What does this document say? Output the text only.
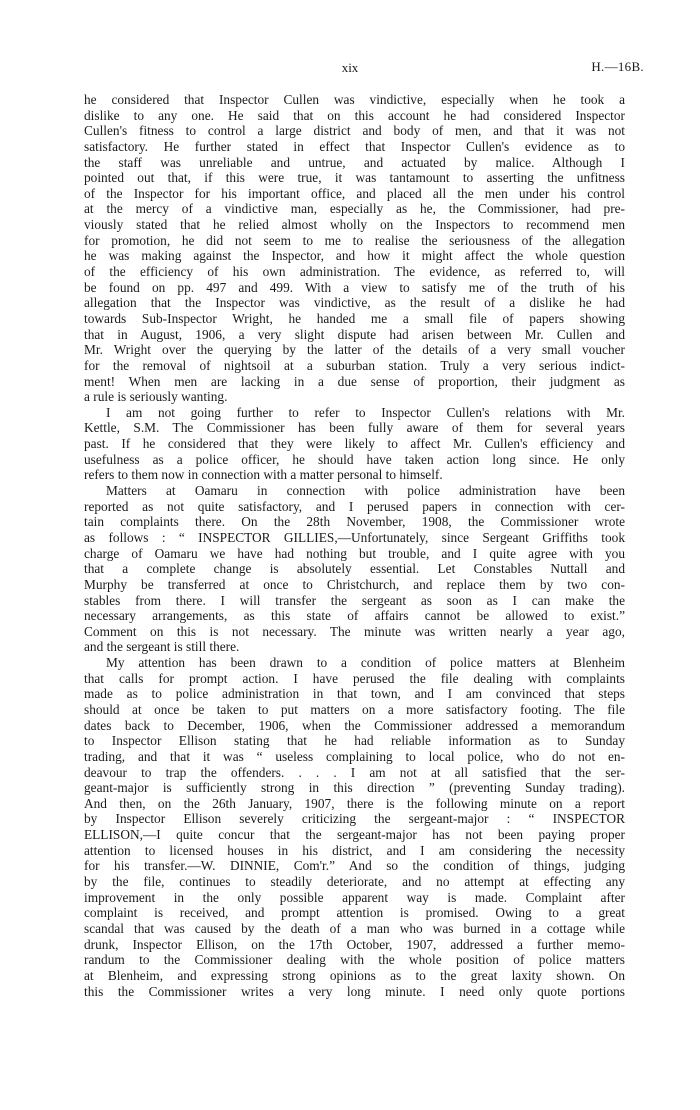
xix	H.—16B.
he considered that Inspector Cullen was vindictive, especially when he took a
dislike to any one. He said that on this account he had considered Inspector
Cullen's fitness to control a large district and body of men, and that it was not
satisfactory. He further stated in effect that Inspector Cullen's evidence as to
the staff was unreliable and untrue, and actuated by malice. Although I
pointed out that, if this were true, it was tantamount to asserting the unfitness
of the Inspector for his important office, and placed all the men under his control
at the mercy of a vindictive man, especially as he, the Commissioner, had pre-
viously stated that he relied almost wholly on the Inspectors to recommend men
for promotion, he did not seem to me to realise the seriousness of the allegation
he was making against the Inspector, and how it might affect the whole question
of the efficiency of his own administration. The evidence, as referred to, will
be found on pp. 497 and 499. With a view to satisfy me of the truth of his
allegation that the Inspector was vindictive, as the result of a dislike he had
towards Sub-Inspector Wright, he handed me a small file of papers showing
that in August, 1906, a very slight dispute had arisen between Mr. Cullen and
Mr. Wright over the querying by the latter of the details of a very small voucher
for the removal of nightsoil at a suburban station. Truly a very serious indict-
ment! When men are lacking in a due sense of proportion, their judgment as
a rule is seriously wanting.
I am not going further to refer to Inspector Cullen's relations with Mr.
Kettle, S.M. The Commissioner has been fully aware of them for several years
past. If he considered that they were likely to affect Mr. Cullen's efficiency and
usefulness as a police officer, he should have taken action long since. He only
refers to them now in connection with a matter personal to himself.
Matters at Oamaru in connection with police administration have been
reported as not quite satisfactory, and I perused papers in connection with cer-
tain complaints there. On the 28th November, 1908, the Commissioner wrote
as follows : “ INSPECTOR GILLIES,—Unfortunately, since Sergeant Griffiths took
charge of Oamaru we have had nothing but trouble, and I quite agree with you
that a complete change is absolutely essential. Let Constables Nuttall and
Murphy be transferred at once to Christchurch, and replace them by two con-
stables from there. I will transfer the sergeant as soon as I can make the
necessary arrangements, as this state of affairs cannot be allowed to exist.”
Comment on this is not necessary. The minute was written nearly a year ago,
and the sergeant is still there.
My attention has been drawn to a condition of police matters at Blenheim
that calls for prompt action. I have perused the file dealing with complaints
made as to police administration in that town, and I am convinced that steps
should at once be taken to put matters on a more satisfactory footing. The file
dates back to December, 1906, when the Commissioner addressed a memorandum
to Inspector Ellison stating that he had reliable information as to Sunday
trading, and that it was “ useless complaining to local police, who do not en-
deavour to trap the offenders. . . . I am not at all satisfied that the ser-
geant-major is sufficiently strong in this direction ” (preventing Sunday trading).
And then, on the 26th January, 1907, there is the following minute on a report
by Inspector Ellison severely criticizing the sergeant-major : “ INSPECTOR
ELLISON,—I quite concur that the sergeant-major has not been paying proper
attention to licensed houses in his district, and I am considering the necessity
for his transfer.—W. DINNIE, Com'r.” And so the condition of things, judging
by the file, continues to steadily deteriorate, and no attempt at effecting any
improvement in the only possible apparent way is made. Complaint after
complaint is received, and prompt attention is promised. Owing to a great
scandal that was caused by the death of a man who was burned in a cottage while
drunk, Inspector Ellison, on the 17th October, 1907, addressed a further memo-
randum to the Commissioner dealing with the whole position of police matters
at Blenheim, and expressing strong opinions as to the great laxity shown. On
this the Commissioner writes a very long minute. I need only quote portions
